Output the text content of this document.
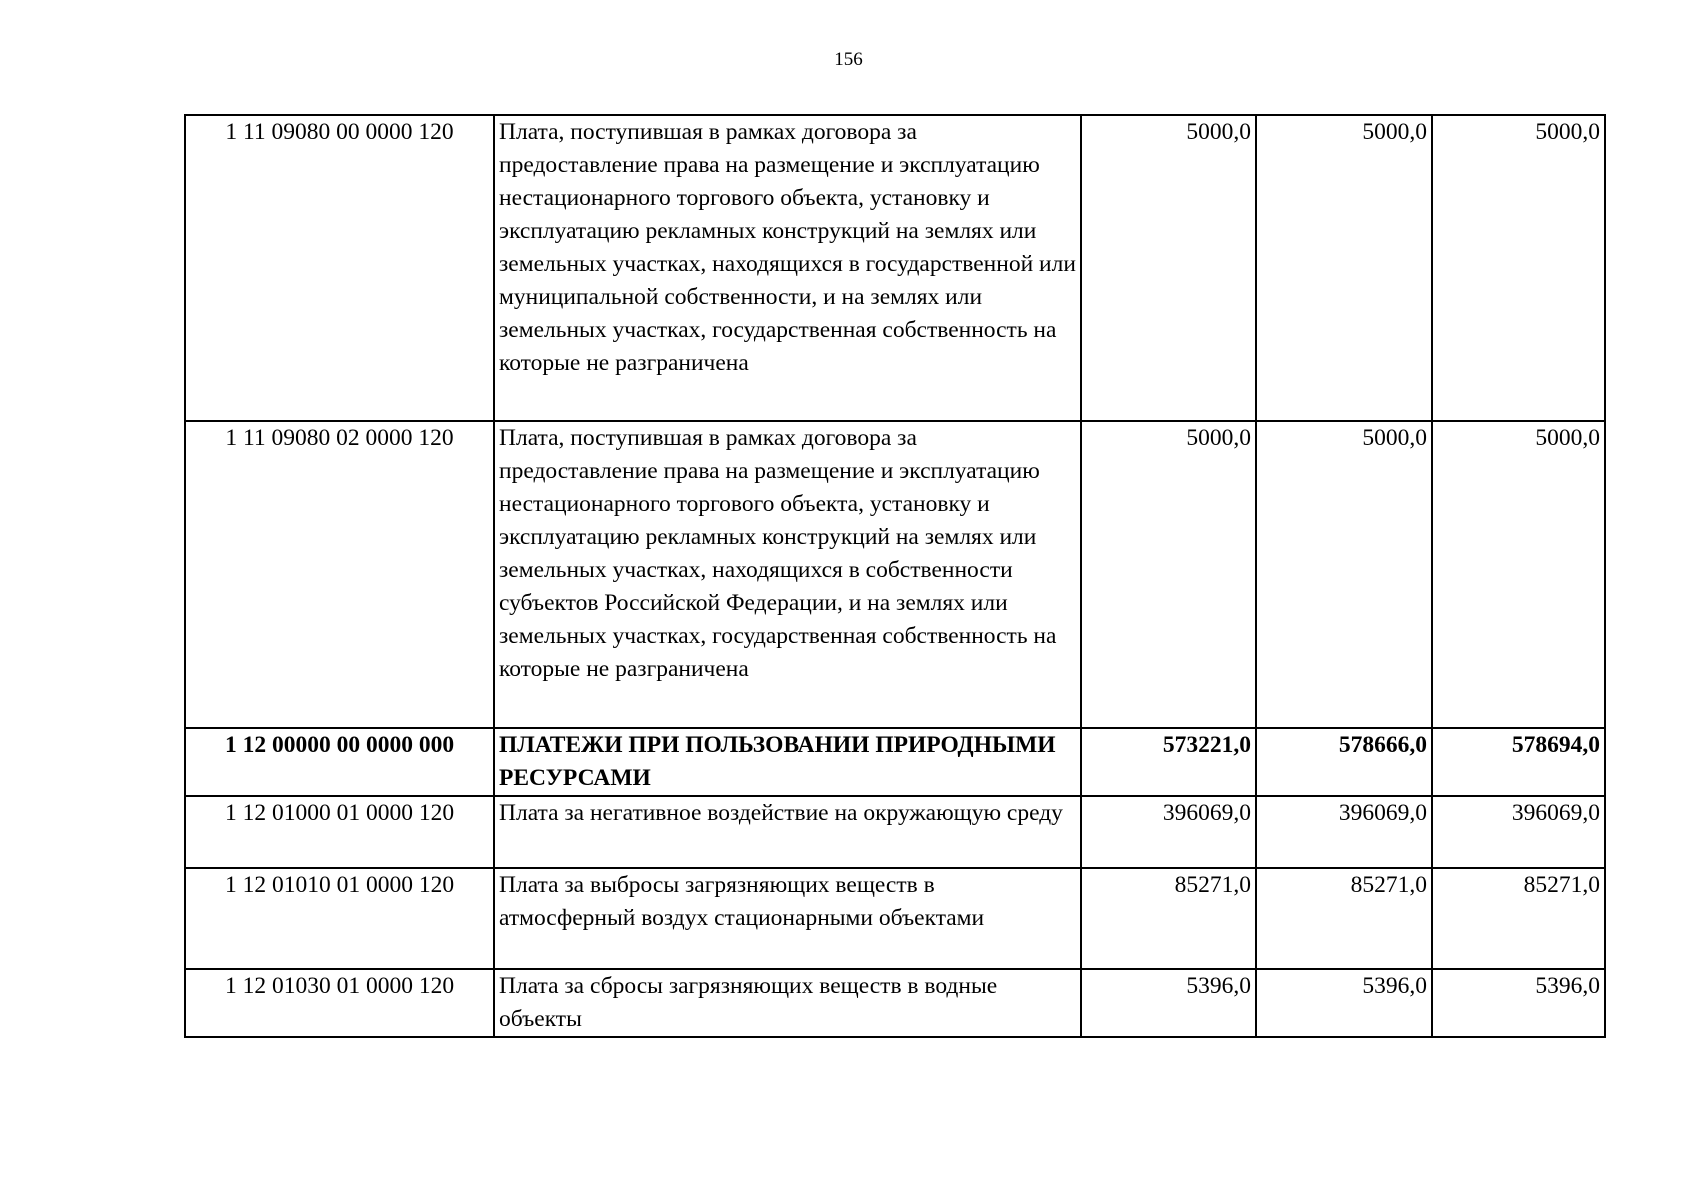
156
1 11 09080 00 0000 120	Плата, поступившая в рамках договора за предоставление права на размещение и эксплуатацию нестационарного торгового объекта, установку и эксплуатацию рекламных конструкций на землях или земельных участках, находящихся в государственной или муниципальной собственности, и на землях или земельных участках, государственная собственность на которые не разграничена	5000,0	5000,0	5000,0
1 11 09080 02 0000 120	Плата, поступившая в рамках договора за предоставление права на размещение и эксплуатацию нестационарного торгового объекта, установку и эксплуатацию рекламных конструкций на землях или земельных участках, находящихся в собственности субъектов Российской Федерации, и на землях или земельных участках, государственная собственность на которые не разграничена	5000,0	5000,0	5000,0
1 12 00000 00 0000 000	ПЛАТЕЖИ ПРИ ПОЛЬЗОВАНИИ ПРИРОДНЫМИ РЕСУРСАМИ	573221,0	578666,0	578694,0
1 12 01000 01 0000 120	Плата за негативное воздействие на окружающую среду	396069,0	396069,0	396069,0
1 12 01010 01 0000 120	Плата за выбросы загрязняющих веществ в атмосферный воздух стационарными объектами	85271,0	85271,0	85271,0
1 12 01030 01 0000 120	Плата за сбросы загрязняющих веществ в водные объекты	5396,0	5396,0	5396,0
